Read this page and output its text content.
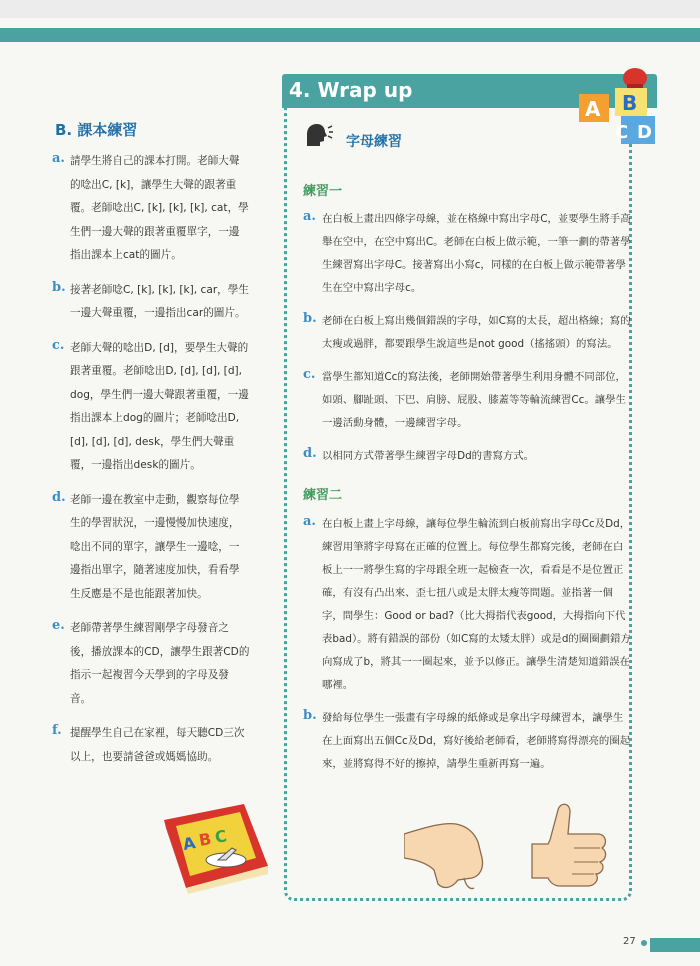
B. 課本練習
a. 請學生將自己的課本打開。老師大聲的唸出C, [k]，讓學生大聲的跟著重覆。老師唸出C, [k], [k], [k], cat，學生們一邊大聲的跟著重覆單字，一邊指出課本上cat的圖片。
b. 接著老師唸C, [k], [k], [k], car，學生一邊大聲重覆，一邊指出car的圖片。
c. 老師大聲的唸出D, [d]，要學生大聲的跟著重覆。老師唸出D, [d], [d], [d], dog，學生們一邊大聲跟著重覆，一邊指出課本上dog的圖片；老師唸出D, [d], [d], [d], desk，學生們大聲重覆，一邊指出desk的圖片。
d. 老師一邊在教室中走動，觀察每位學生的學習狀況，一邊慢慢加快速度，唸出不同的單字，讓學生一邊唸，一邊指出單字，隨著速度加快，看看學生反應是不是也能跟著加快。
e. 老師帶著學生練習剛學字母發音之後，播放課本的CD，讓學生跟著CD的指示一起複習今天學到的字母及發音。
f. 提醒學生自己在家裡，每天聽CD三次以上，也要請爸爸或媽媽協助。
A B C
4. Wrap up
A B
C D
字母練習
練習一
a. 在白板上畫出四條字母線，並在格線中寫出字母C，並要學生將手高舉在空中，在空中寫出C。老師在白板上做示範，一筆一劃的帶著學生練習寫出字母C。接著寫出小寫c，同樣的在白板上做示範帶著學生在空中寫出字母c。
b. 老師在白板上寫出幾個錯誤的字母，如C寫的太長，超出格線；寫的太瘦或過胖，都要跟學生說這些是not good（搖搖頭）的寫法。
c. 當學生都知道Cc的寫法後，老師開始帶著學生利用身體不同部位，如頭、腳趾頭、下巴、肩膀、屁股、膝蓋等等輪流練習Cc。讓學生一邊活動身體，一邊練習字母。
d. 以相同方式帶著學生練習字母Dd的書寫方式。
練習二
a. 在白板上畫上字母線，讓每位學生輪流到白板前寫出字母Cc及Dd，練習用筆將字母寫在正確的位置上。每位學生都寫完後，老師在白板上一一將學生寫的字母跟全班一起檢查一次，看看是不是位置正確，有沒有凸出來、歪七扭八或是太胖太瘦等問題。並指著一個字，問學生：Good or bad?（比大拇指代表good，大拇指向下代表bad）。將有錯誤的部份（如C寫的太矮太胖）或是d的圈圈劃錯方向寫成了b，將其一一圈起來，並予以修正。讓學生清楚知道錯誤在哪裡。
b. 發給每位學生一張畫有字母線的紙條或是拿出字母練習本，讓學生在上面寫出五個Cc及Dd，寫好後給老師看，老師將寫得漂亮的圈起來，並將寫得不好的擦掉，請學生重新再寫一遍。
27
